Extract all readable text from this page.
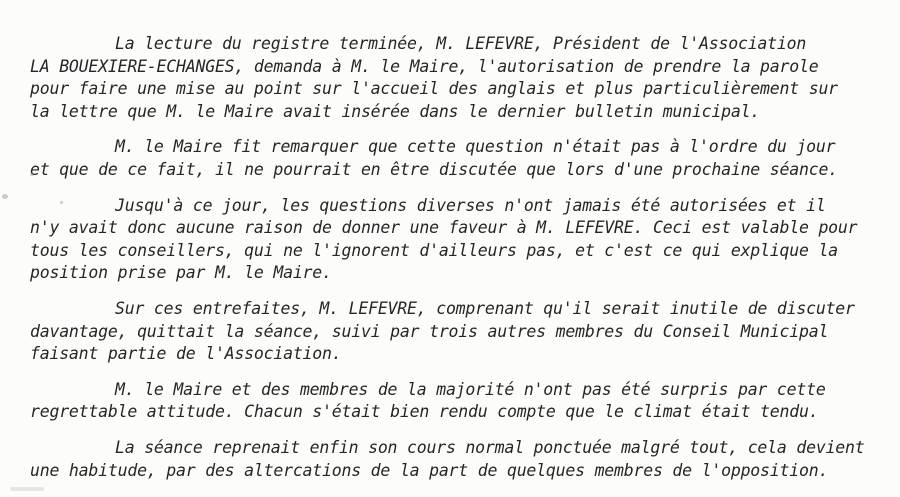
La lecture du registre terminée, M. LEFEVRE, Président de l'Association
LA BOUEXIERE-ECHANGES, demanda à M. le Maire, l'autorisation de prendre la parole
pour faire une mise au point sur l'accueil des anglais et plus particulièrement sur
la lettre que M. le Maire avait insérée dans le dernier bulletin municipal.

M. le Maire fit remarquer que cette question n'était pas à l'ordre du jour
et que de ce fait, il ne pourrait en être discutée que lors d'une prochaine séance.

Jusqu'à ce jour, les questions diverses n'ont jamais été autorisées et il
n'y avait donc aucune raison de donner une faveur à M. LEFEVRE. Ceci est valable pour
tous les conseillers, qui ne l'ignorent d'ailleurs pas, et c'est ce qui explique la
position prise par M. le Maire.

Sur ces entrefaites, M. LEFEVRE, comprenant qu'il serait inutile de discuter
davantage, quittait la séance, suivi par trois autres membres du Conseil Municipal
faisant partie de l'Association.

M. le Maire et des membres de la majorité n'ont pas été surpris par cette
regrettable attitude. Chacun s'était bien rendu compte que le climat était tendu.

La séance reprenait enfin son cours normal ponctuée malgré tout, cela devient
une habitude, par des altercations de la part de quelques membres de l'opposition.
